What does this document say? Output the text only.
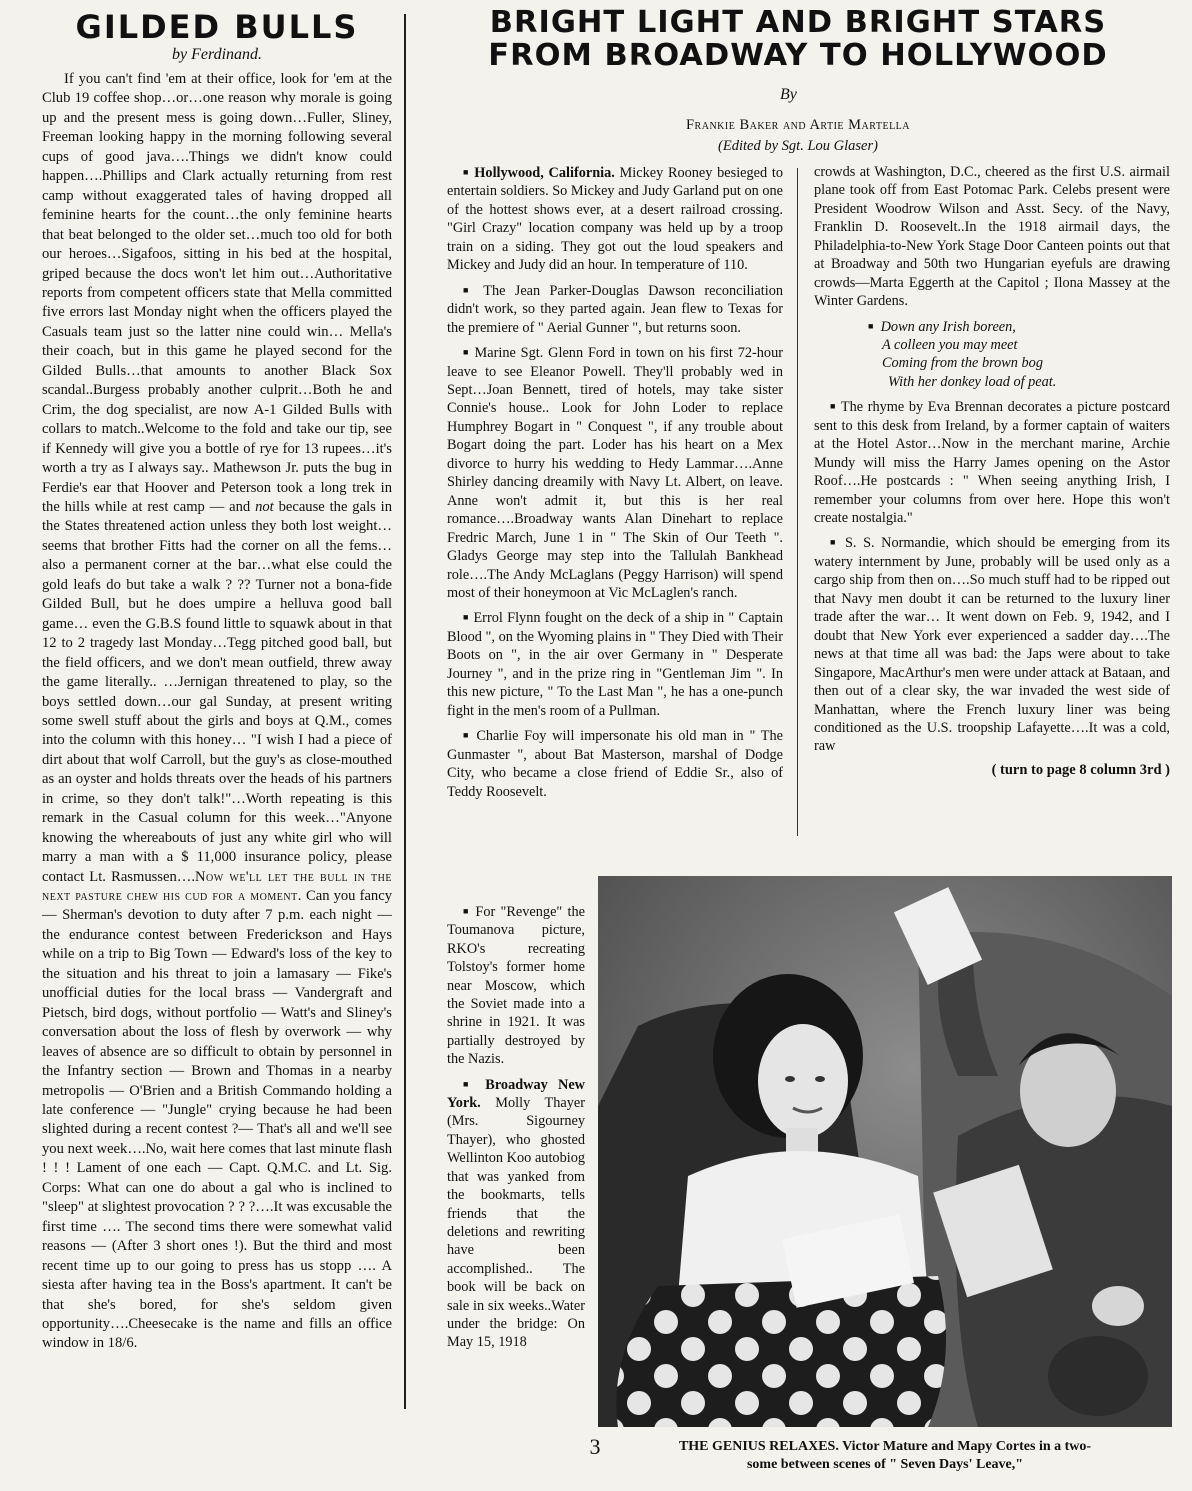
GILDED BULLS
by Ferdinand.

If you can't find 'em at their office, look for 'em at the Club 19 coffee shop…or…one reason why morale is going up and the present mess is going down…Fuller, Sliney, Freeman looking happy in the morning following several cups of good java….Things we didn't know could happen….Phillips and Clark actually returning from rest camp without exaggerated tales of having dropped all feminine hearts for the count…the only feminine hearts that beat belonged to the older set…much too old for both our heroes…Sigafoos, sitting in his bed at the hospital, griped because the docs won't let him out…Authoritative reports from competent officers state that Mella committed five errors last Monday night when the officers played the Casuals team just so the latter nine could win… Mella's their coach, but in this game he played second for the Gilded Bulls…that amounts to another Black Sox scandal..Burgess probably another culprit…Both he and Crim, the dog specialist, are now A-1 Gilded Bulls with collars to match..Welcome to the fold and take our tip, see if Kennedy will give you a bottle of rye for 13 rupees…it's worth a try as I always say.. Mathewson Jr. puts the bug in Ferdie's ear that Hoover and Peterson took a long trek in the hills while at rest camp — and not because the gals in the States threatened action unless they both lost weight…seems that brother Fitts had the corner on all the fems…also a permanent corner at the bar…what else could the gold leafs do but take a walk ? ?? Turner not a bona-fide Gilded Bull, but he does umpire a helluva good ball game… even the G.B.S found little to squawk about in that 12 to 2 tragedy last Monday…Tegg pitched good ball, but the field officers, and we don't mean outfield, threw away the game literally.. …Jernigan threatened to play, so the boys settled down…our gal Sunday, at present writing some swell stuff about the girls and boys at Q.M., comes into the column with this honey… "I wish I had a piece of dirt about that wolf Carroll, but the guy's as close-mouthed as an oyster and holds threats over the heads of his partners in crime, so they don't talk!"…Worth repeating is this remark in the Casual column for this week…"Anyone knowing the whereabouts of just any white girl who will marry a man with a $ 11,000 insurance policy, please contact Lt. Rasmussen….Now we'll let the bull in the next pasture chew his cud for a moment. Can you fancy — Sherman's devotion to duty after 7 p.m. each night — the endurance contest between Frederickson and Hays while on a trip to Big Town — Edward's loss of the key to the situation and his threat to join a lamasary — Fike's unofficial duties for the local brass — Vandergraft and Pietsch, bird dogs, without portfolio — Watt's and Sliney's conversation about the loss of flesh by overwork — why leaves of absence are so difficult to obtain by personnel in the Infantry section — Brown and Thomas in a nearby metropolis — O'Brien and a British Commando holding a late conference — "Jungle" crying because he had been slighted during a recent contest ?— That's all and we'll see you next week….No, wait here comes that last minute flash ! ! ! Lament of one each — Capt. Q.M.C. and Lt. Sig. Corps: What can one do about a gal who is inclined to "sleep" at slightest provocation ? ? ?….It was excusable the first time …. The second tims there were somewhat valid reasons — (After 3 short ones !). But the third and most recent time up to our going to press has us stopp …. A siesta after having tea in the Boss's apartment. It can't be that she's bored, for she's seldom given opportunity….Cheesecake is the name and fills an office window in 18/6.

BRIGHT LIGHT AND BRIGHT STARS
FROM BROADWAY TO HOLLYWOOD
By
Frankie Baker and Artie Martella
(Edited by Sgt. Lou Glaser)

■ Hollywood, California. Mickey Rooney besieged to entertain soldiers. So Mickey and Judy Garland put on one of the hottest shows ever, at a desert railroad crossing. "Girl Crazy" location company was held up by a troop train on a siding. They got out the loud speakers and Mickey and Judy did an hour. In temperature of 110.

■ The Jean Parker-Douglas Dawson reconciliation didn't work, so they parted again. Jean flew to Texas for the premiere of " Aerial Gunner ", but returns soon.

■ Marine Sgt. Glenn Ford in town on his first 72-hour leave to see Eleanor Powell. They'll probably wed in Sept…Joan Bennett, tired of hotels, may take sister Connie's house.. Look for John Loder to replace Humphrey Bogart in " Conquest ", if any trouble about Bogart doing the part. Loder has his heart on a Mex divorce to hurry his wedding to Hedy Lammar….Anne Shirley dancing dreamily with Navy Lt. Albert, on leave. Anne won't admit it, but this is her real romance….Broadway wants Alan Dinehart to replace Fredric March, June 1 in " The Skin of Our Teeth ". Gladys George may step into the Tallulah Bankhead role….The Andy McLaglans (Peggy Harrison) will spend most of their honeymoon at Vic McLaglen's ranch.

■ Errol Flynn fought on the deck of a ship in " Captain Blood ", on the Wyoming plains in " They Died with Their Boots on ", in the air over Germany in " Desperate Journey ", and in the prize ring in "Gentleman Jim ". In this new picture, " To the Last Man ", he has a one-punch fight in the men's room of a Pullman.

■ Charlie Foy will impersonate his old man in " The Gunmaster ", about Bat Masterson, marshal of Dodge City, who became a close friend of Eddie Sr., also of Teddy Roosevelt.

■ For "Revenge" the Toumanova picture, RKO's recreating Tolstoy's former home near Moscow, which the Soviet made into a shrine in 1921. It was partially destroyed by the Nazis.

■ Broadway New York. Molly Thayer (Mrs. Sigourney Thayer), who ghosted Wellinton Koo autobiog that was yanked from the bookmarts, tells friends that the deletions and rewriting have been accomplished.. The book will be back on sale in six weeks..Water under the bridge: On May 15, 1918

crowds at Washington, D.C., cheered as the first U.S. airmail plane took off from East Potomac Park. Celebs present were President Woodrow Wilson and Asst. Secy. of the Navy, Franklin D. Roosevelt..In the 1918 airmail days, the Philadelphia-to-New York Stage Door Canteen points out that at Broadway and 50th two Hungarian eyefuls are drawing crowds—Marta Eggerth at the Capitol ; Ilona Massey at the Winter Gardens.

■ Down any Irish boreen,
A colleen you may meet
Coming from the brown bog
With her donkey load of peat.

■ The rhyme by Eva Brennan decorates a picture postcard sent to this desk from Ireland, by a former captain of waiters at the Hotel Astor…Now in the merchant marine, Archie Mundy will miss the Harry James opening on the Astor Roof….He postcards : " When seeing anything Irish, I remember your columns from over here. Hope this won't create nostalgia."

■ S. S. Normandie, which should be emerging from its watery internment by June, probably will be used only as a cargo ship from then on….So much stuff had to be ripped out that Navy men doubt it can be returned to the luxury liner trade after the war… It went down on Feb. 9, 1942, and I doubt that New York ever experienced a sadder day….The news at that time all was bad: the Japs were about to take Singapore, MacArthur's men were under attack at Bataan, and then out of a clear sky, the war invaded the west side of Manhattan, where the French luxury liner was being conditioned as the U.S. troopship Lafayette….It was a cold, raw

( turn to page 8 column 3rd )
THE GENIUS RELAXES. Victor Mature and Mapy Cortes in a two-
some between scenes of " Seven Days' Leave,"
3
